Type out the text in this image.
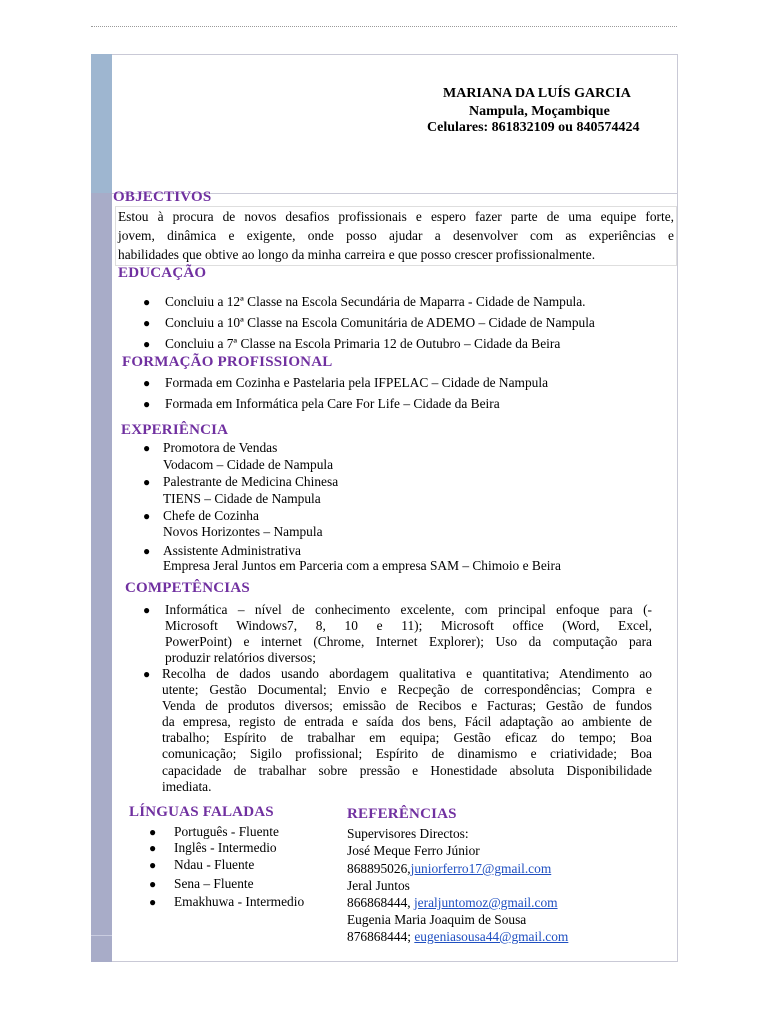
MARIANA DA LUÍS GARCIA
Nampula, Moçambique
Celulares: 861832109 ou 840574424
OBJECTIVOS
Estou à procura de novos desafios profissionais e espero fazer parte de uma equipe forte,
jovem, dinâmica e exigente, onde posso ajudar a desenvolver com as experiências e
habilidades que obtive ao longo da minha carreira e que posso crescer profissionalmente.
EDUCAÇÃO
● Concluiu a 12ª Classe na Escola Secundária de Maparra - Cidade de Nampula.
● Concluiu a 10ª Classe na Escola Comunitária de ADEMO – Cidade de Nampula
● Concluiu a 7ª Classe na Escola Primaria 12 de Outubro – Cidade da Beira
FORMAÇÃO PROFISSIONAL
● Formada em Cozinha e Pastelaria pela IFPELAC – Cidade de Nampula
● Formada em Informática pela Care For Life – Cidade da Beira
EXPERIÊNCIA
● Promotora de Vendas
Vodacom – Cidade de Nampula
● Palestrante de Medicina Chinesa
TIENS – Cidade de Nampula
● Chefe de Cozinha
Novos Horizontes – Nampula
● Assistente Administrativa
Empresa Jeral Juntos em Parceria com a empresa SAM – Chimoio e Beira
COMPETÊNCIAS
● Informática – nível de conhecimento excelente, com principal enfoque para (-
Microsoft Windows7, 8, 10 e 11); Microsoft office (Word, Excel,
PowerPoint) e internet (Chrome, Internet Explorer); Uso da computação para
produzir relatórios diversos;
● Recolha de dados usando abordagem qualitativa e quantitativa; Atendimento ao
utente; Gestão Documental; Envio e Recpeção de correspondências; Compra e
Venda de produtos diversos; emissão de Recibos e Facturas; Gestão de fundos
da empresa, registo de entrada e saída dos bens, Fácil adaptação ao ambiente de
trabalho; Espírito de trabalhar em equipa; Gestão eficaz do tempo; Boa
comunicação; Sigilo profissional; Espírito de dinamismo e criatividade; Boa
capacidade de trabalhar sobre pressão e Honestidade absoluta Disponibilidade
imediata.
LÍNGUAS FALADAS
● Português - Fluente
● Inglês - Intermedio
● Ndau - Fluente
● Sena – Fluente
● Emakhuwa - Intermedio
REFERÊNCIAS
Supervisores Directos:
José Meque Ferro Júnior
868895026,juniorferro17@gmail.com
Jeral Juntos
866868444, jeraljuntomoz@gmail.com
Eugenia Maria Joaquim de Sousa
876868444; eugeniasousa44@gmail.com
